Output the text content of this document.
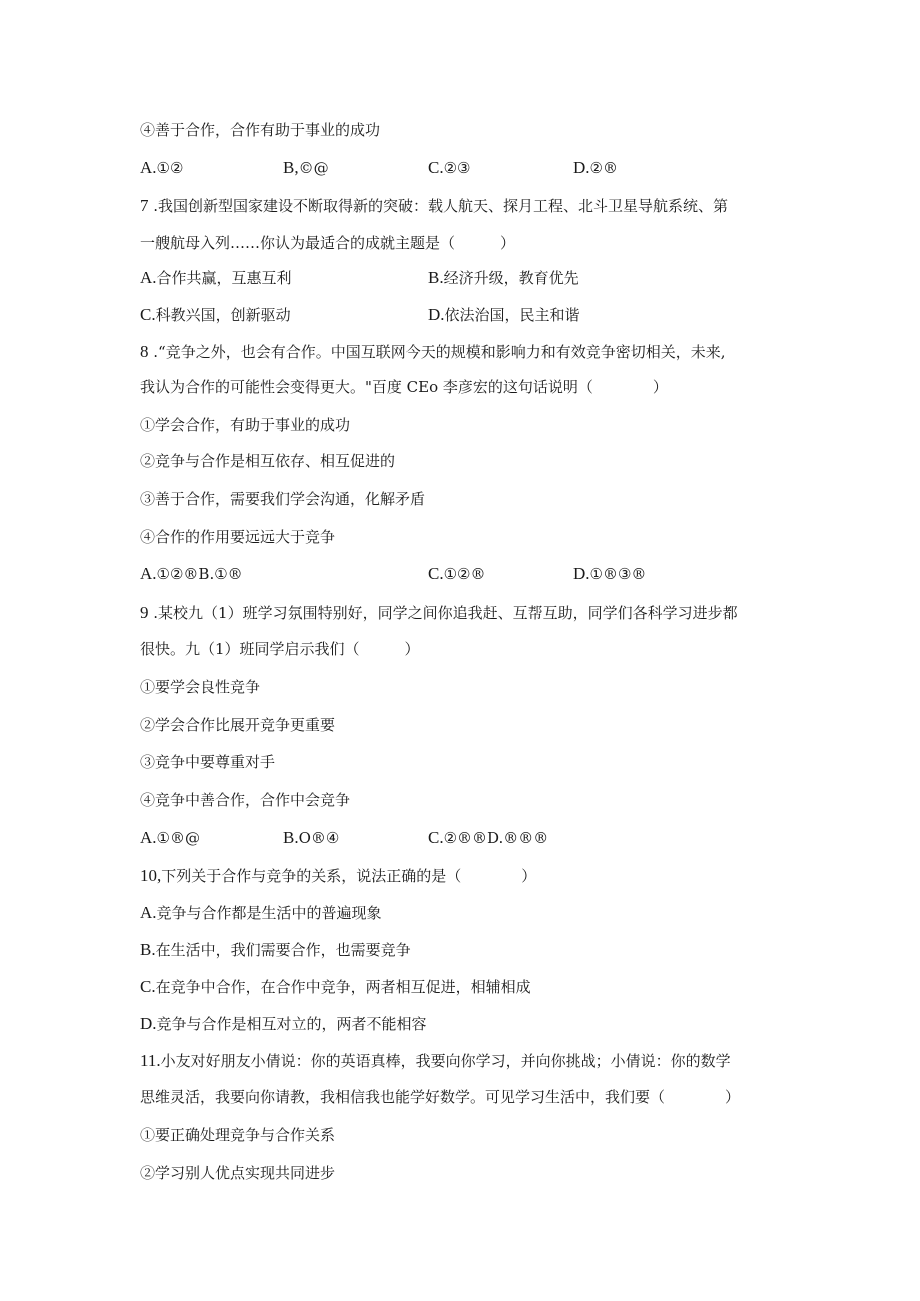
④善于合作，合作有助于事业的成功
A.①②	B,©@	C.②③	D.②®
7 .我国创新型国家建设不断取得新的突破：载人航天、探月工程、北斗卫星导航系统、第
一艘航母入列……你认为最适合的成就主题是（　　　）
A.合作共赢，互惠互利	B.经济升级，教育优先
C.科教兴国，创新驱动	D.依法治国，民主和谐
8 .“竞争之外，也会有合作。中国互联网今天的规模和影响力和有效竞争密切相关，未来,
我认为合作的可能性会变得更大。"百度 CEo 李彦宏的这句话说明（　　　　）
①学会合作，有助于事业的成功
②竞争与合作是相互依存、相互促进的
③善于合作，需要我们学会沟通，化解矛盾
④合作的作用要远远大于竞争
A.①②®B.①®	C.①②®	D.①®③®
9 .某校九（1）班学习氛围特别好，同学之间你追我赶、互帮互助，同学们各科学习进步都
很快。九（1）班同学启示我们（　　　）
①要学会良性竞争
②学会合作比展开竞争更重要
③竞争中要尊重对手
④竞争中善合作，合作中会竞争
A.①®@	B.O®④	C.②®®D.®®®
10,下列关于合作与竞争的关系，说法正确的是（　　　　）
A.竞争与合作都是生活中的普遍现象
B.在生活中，我们需要合作，也需要竞争
C.在竞争中合作，在合作中竞争，两者相互促进，相辅相成
D.竞争与合作是相互对立的，两者不能相容
11.小友对好朋友小倩说：你的英语真棒，我要向你学习，并向你挑战；小倩说：你的数学
思维灵活，我要向你请教，我相信我也能学好数学。可见学习生活中，我们要（　　　　）
①要正确处理竞争与合作关系
②学习别人优点实现共同进步
